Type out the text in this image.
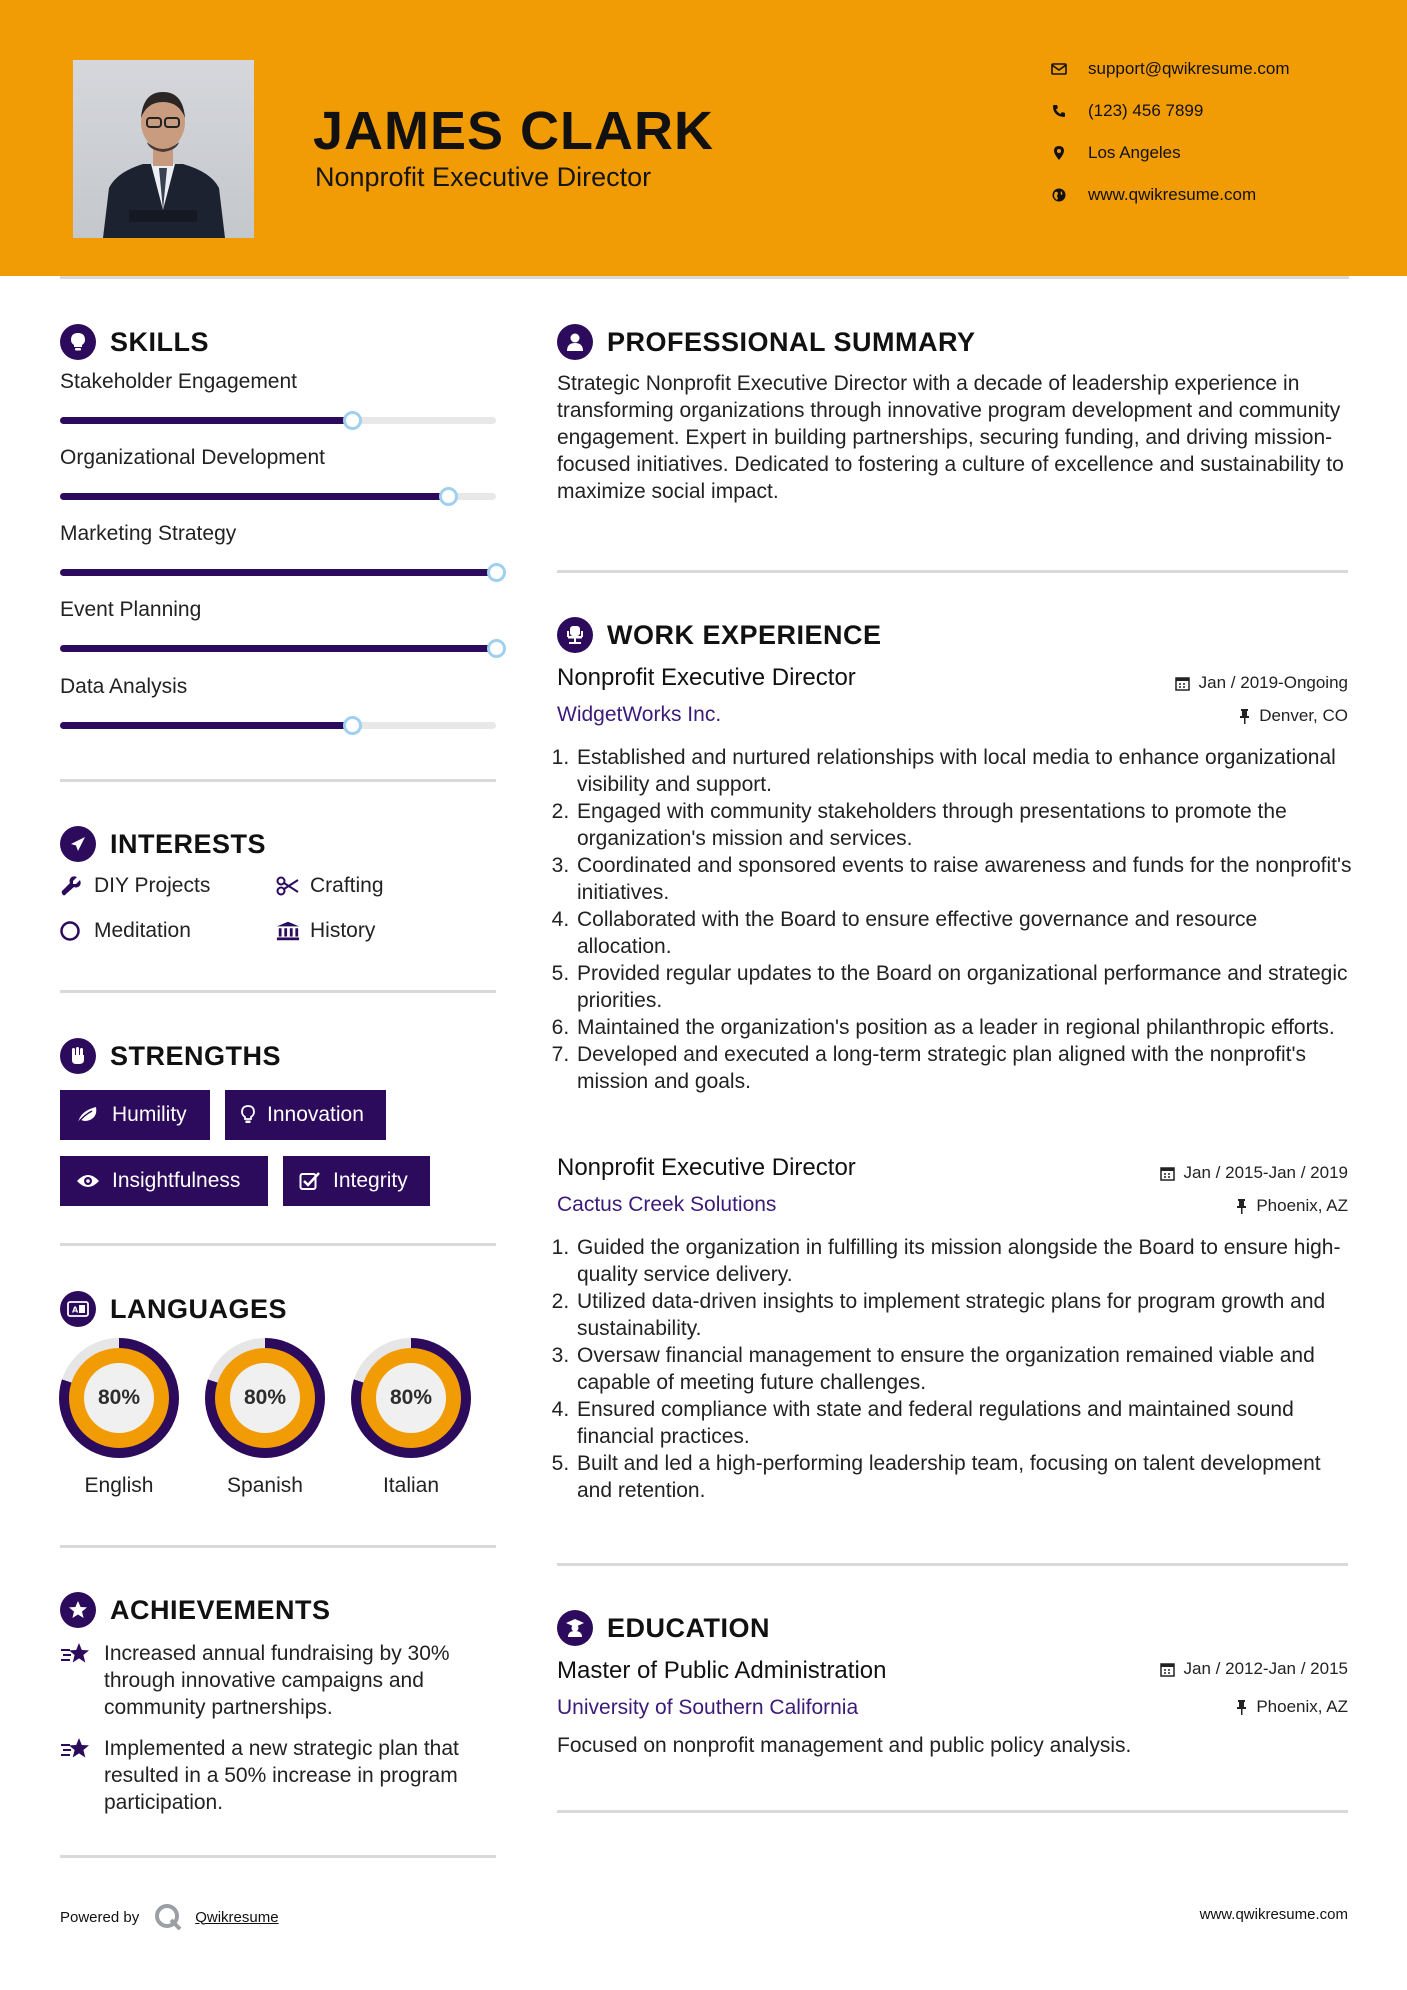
JAMES CLARK
Nonprofit Executive Director
support@qwikresume.com
(123) 456 7899
Los Angeles
www.qwikresume.com
SKILLS
Stakeholder Engagement
Organizational Development
Marketing Strategy
Event Planning
Data Analysis
INTERESTS
DIY Projects	Crafting
Meditation	History
STRENGTHS
Humility	Innovation
Insightfulness	Integrity
A LANGUAGES
80%
English
80%
Spanish
80%
Italian
ACHIEVEMENTS
Increased annual fundraising by 30% through innovative campaigns and community partnerships.
Implemented a new strategic plan that resulted in a 50% increase in program participation.
PROFESSIONAL SUMMARY
Strategic Nonprofit Executive Director with a decade of leadership experience in transforming organizations through innovative program development and community engagement. Expert in building partnerships, securing funding, and driving mission-focused initiatives. Dedicated to fostering a culture of excellence and sustainability to maximize social impact.
WORK EXPERIENCE
Nonprofit Executive Director	Jan / 2019-Ongoing
WidgetWorks Inc.	Denver, CO
1. Established and nurtured relationships with local media to enhance organizational visibility and support.
2. Engaged with community stakeholders through presentations to promote the organization's mission and services.
3. Coordinated and sponsored events to raise awareness and funds for the nonprofit's initiatives.
4. Collaborated with the Board to ensure effective governance and resource allocation.
5. Provided regular updates to the Board on organizational performance and strategic priorities.
6. Maintained the organization's position as a leader in regional philanthropic efforts.
7. Developed and executed a long-term strategic plan aligned with the nonprofit's mission and goals.
Nonprofit Executive Director	Jan / 2015-Jan / 2019
Cactus Creek Solutions	Phoenix, AZ
1. Guided the organization in fulfilling its mission alongside the Board to ensure high-quality service delivery.
2. Utilized data-driven insights to implement strategic plans for program growth and sustainability.
3. Oversaw financial management to ensure the organization remained viable and capable of meeting future challenges.
4. Ensured compliance with state and federal regulations and maintained sound financial practices.
5. Built and led a high-performing leadership team, focusing on talent development and retention.
EDUCATION
Master of Public Administration	Jan / 2012-Jan / 2015
University of Southern California	Phoenix, AZ
Focused on nonprofit management and public policy analysis.
Powered by	Qwikresume	www.qwikresume.com
